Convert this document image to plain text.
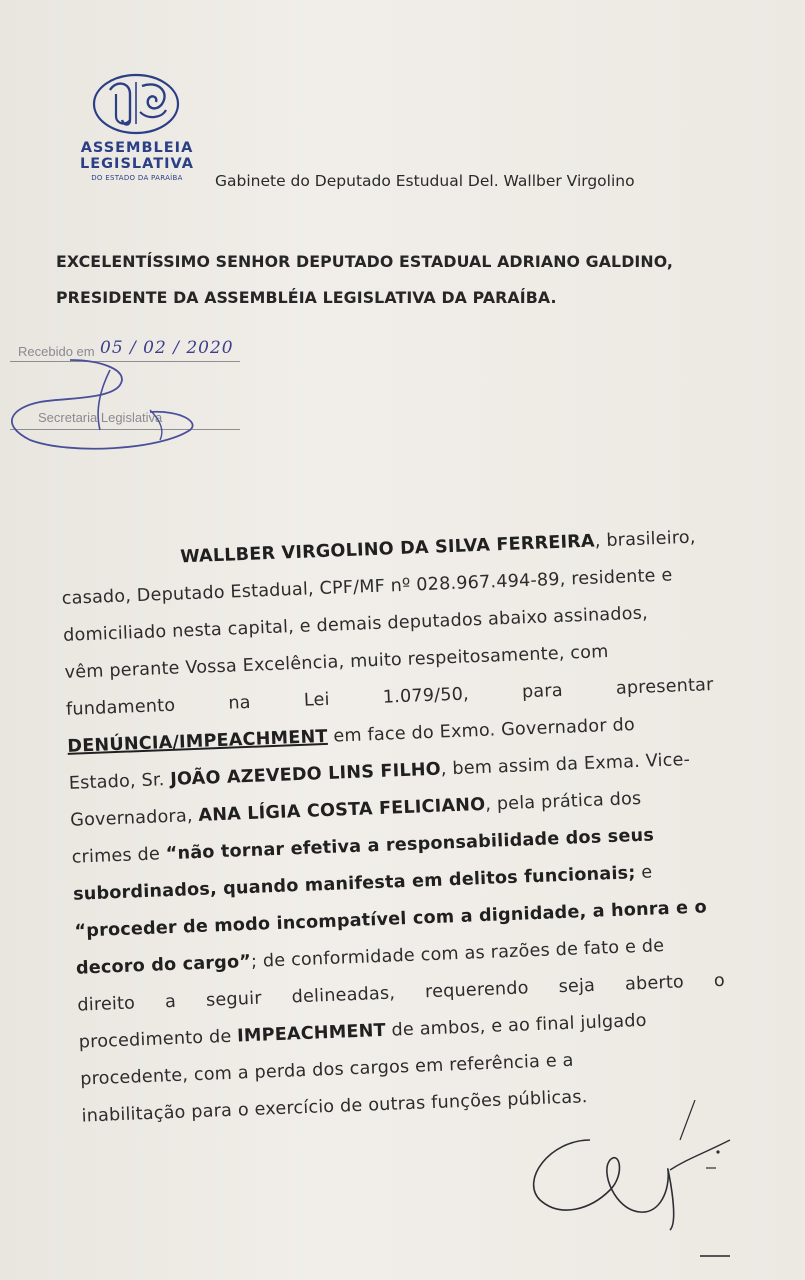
ASSEMBLEIA
LEGISLATIVA
DO ESTADO DA PARAÍBA	Gabinete do Deputado Estudual Del. Wallber Virgolino
EXCELENTÍSSIMO SENHOR DEPUTADO ESTADUAL ADRIANO GALDINO,
PRESIDENTE DA ASSEMBLÉIA LEGISLATIVA DA PARAÍBA.
Recebido em 05 / 02 / 2020
Secretaria Legislativa
WALLBER VIRGOLINO DA SILVA FERREIRA, brasileiro,
casado, Deputado Estadual, CPF/MF nº 028.967.494-89, residente e
domiciliado nesta capital, e demais deputados abaixo assinados,
vêm perante Vossa Excelência, muito respeitosamente, com
fundamento	na	Lei	1.079/50,	para	apresentar
DENÚNCIA/IMPEACHMENT em face do Exmo. Governador do
Estado, Sr. JOÃO AZEVEDO LINS FILHO, bem assim da Exma. Vice-
Governadora, ANA LÍGIA COSTA FELICIANO, pela prática dos
crimes de “não tornar efetiva a responsabilidade dos seus
subordinados, quando manifesta em delitos funcionais; e
“proceder de modo incompatível com a dignidade, a honra e o
decoro do cargo”; de conformidade com as razões de fato e de
direito a seguir delineadas, requerendo seja aberto o
procedimento de IMPEACHMENT de ambos, e ao final julgado
procedente, com a perda dos cargos em referência e a
inabilitação para o exercício de outras funções públicas.
